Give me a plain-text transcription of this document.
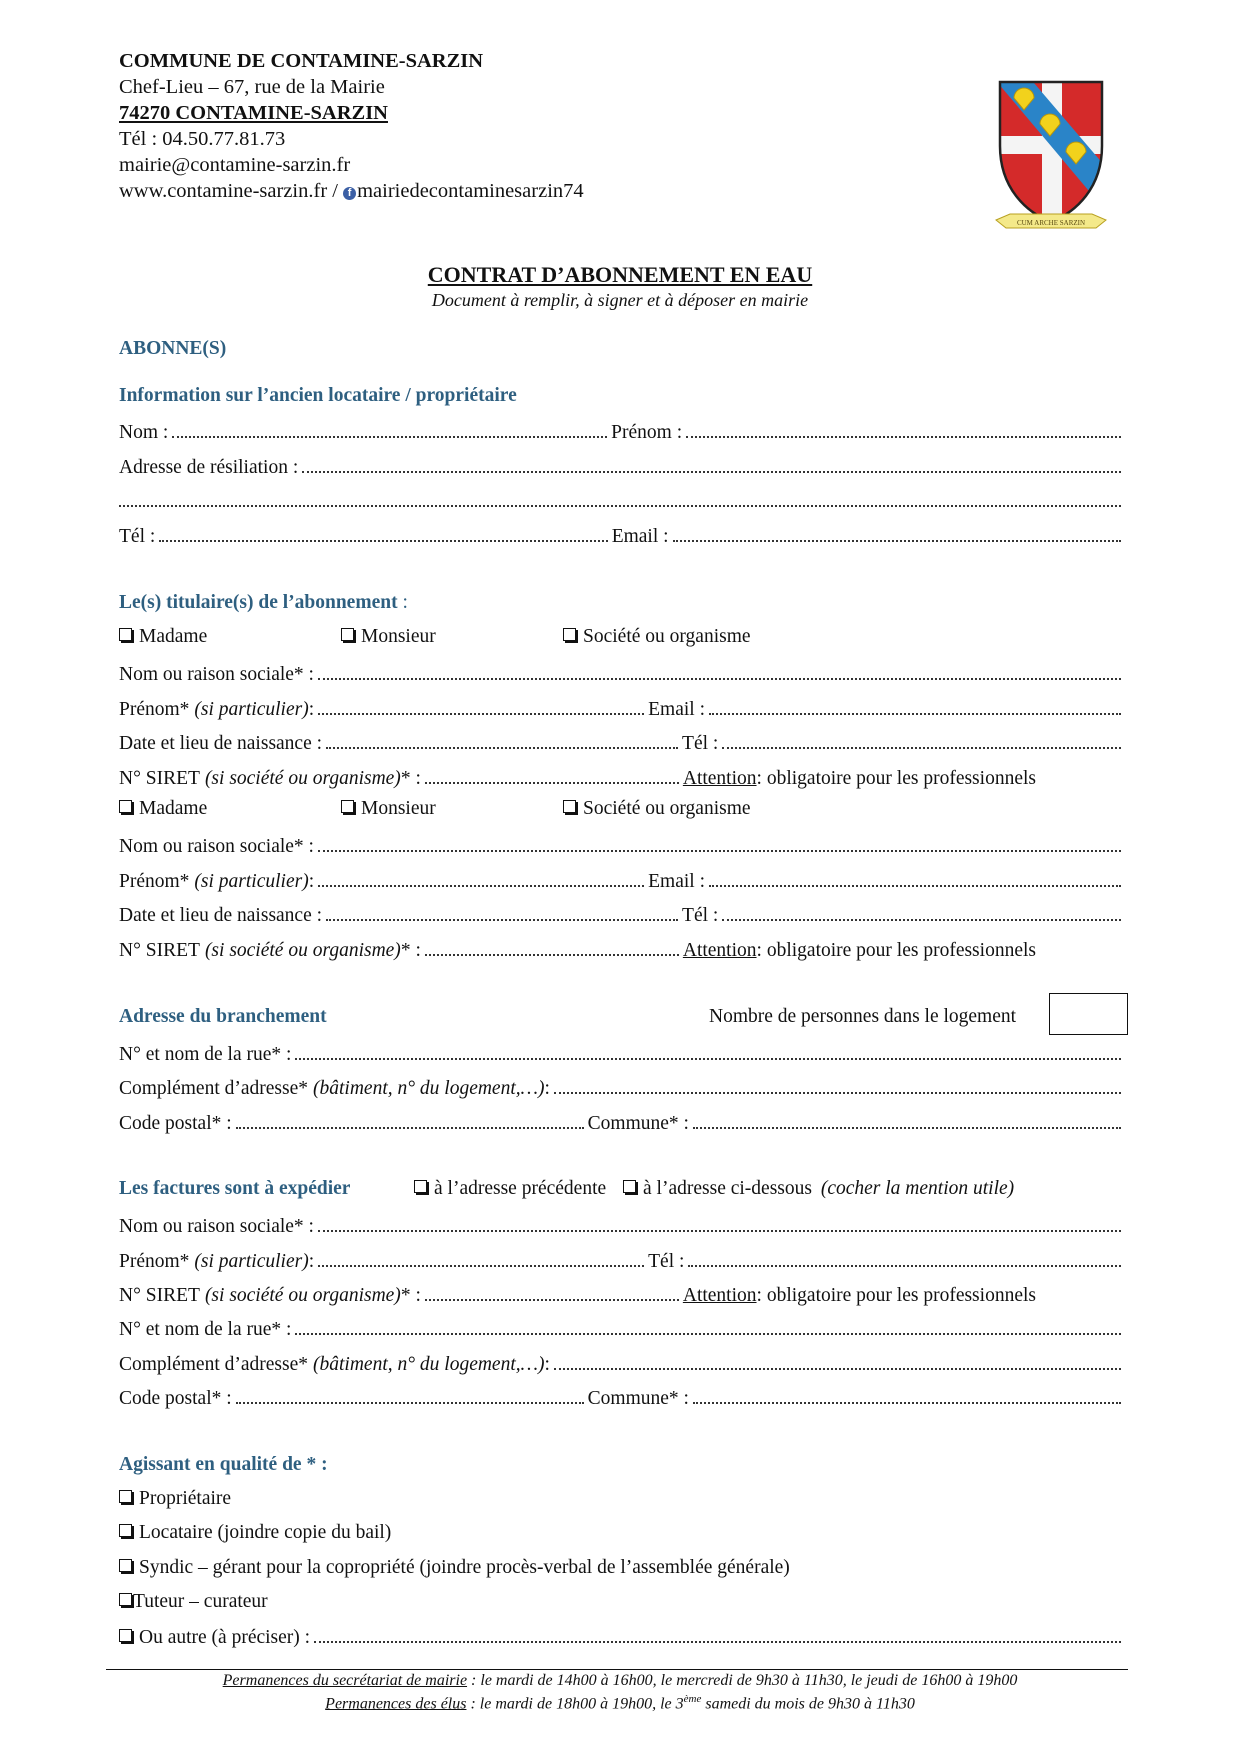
COMMUNE DE CONTAMINE-SARZIN
Chef-Lieu – 67, rue de la Mairie
74270 CONTAMINE-SARZIN
Tél : 04.50.77.81.73
mairie@contamine-sarzin.fr
www.contamine-sarzin.fr / f mairiedecontaminesarzin74
CUM ARCHE SARZIN
CONTRAT D’ABONNEMENT EN EAU
Document à remplir, à signer et à déposer en mairie
ABONNE(S)
Information sur l’ancien locataire / propriétaire
Nom :	Prénom :
Adresse de résiliation :
Tél :	Email :
Le(s) titulaire(s) de l’abonnement :
Madame	Monsieur	Société ou organisme
Nom ou raison sociale* :
Prénom* (si particulier) :	Email :
Date et lieu de naissance :	Tél :
N° SIRET (si société ou organisme) * :	Attention : obligatoire pour les professionnels
Madame	Monsieur	Société ou organisme
Nom ou raison sociale* :
Prénom* (si particulier) :	Email :
Date et lieu de naissance :	Tél :
N° SIRET (si société ou organisme) * :	Attention : obligatoire pour les professionnels
Adresse du branchement	Nombre de personnes dans le logement
N° et nom de la rue* :
Complément d’adresse* (bâtiment, n° du logement,…) :
Code postal* :	Commune* :
Les factures sont à expédier	à l’adresse précédente à l’adresse ci-dessous (cocher la mention utile)
Nom ou raison sociale* :
Prénom* (si particulier) :	Tél :
N° SIRET (si société ou organisme) * :	Attention : obligatoire pour les professionnels
N° et nom de la rue* :
Complément d’adresse* (bâtiment, n° du logement,…) :
Code postal* :	Commune* :
Agissant en qualité de * :
Propriétaire
Locataire (joindre copie du bail)
Syndic – gérant pour la copropriété (joindre procès-verbal de l’assemblée générale)
Tuteur – curateur
Ou autre (à préciser) :
Permanences du secrétariat de mairie : le mardi de 14h00 à 16h00, le mercredi de 9h30 à 11h30, le jeudi de 16h00 à 19h00
Permanences des élus : le mardi de 18h00 à 19h00, le 3ème samedi du mois de 9h30 à 11h30
